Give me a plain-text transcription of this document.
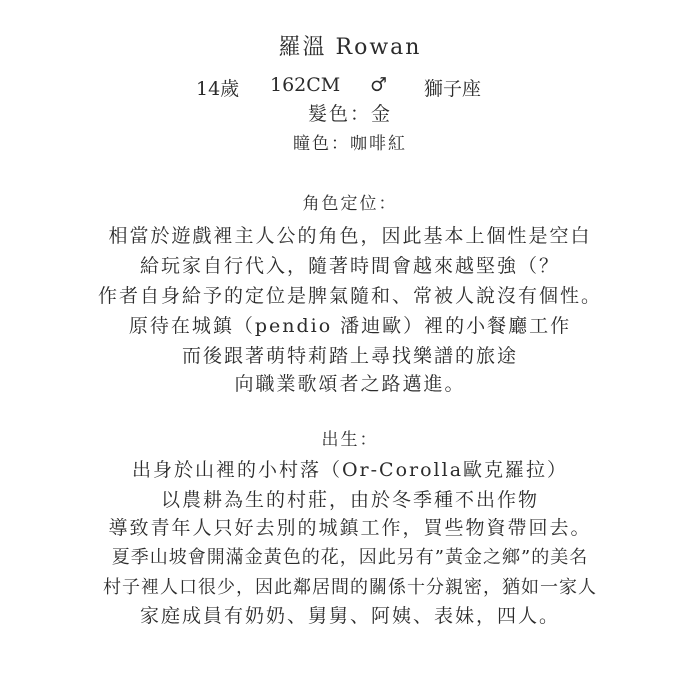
羅溫 Rowan
14歲 162CM ♂ 獅子座
髮色：金
瞳色：咖啡紅
角色定位：
相當於遊戲裡主人公的角色，因此基本上個性是空白
給玩家自行代入，隨著時間會越來越堅強（？
作者自身給予的定位是脾氣隨和、常被人說沒有個性。
原待在城鎮（pendio 潘迪歐）裡的小餐廳工作
而後跟著萌特莉踏上尋找樂譜的旅途
向職業歌頌者之路邁進。
出生：
出身於山裡的小村落（Or-Corolla歐克羅拉）
以農耕為生的村莊，由於冬季種不出作物
導致青年人只好去別的城鎮工作，買些物資帶回去。
夏季山坡會開滿金黃色的花，因此另有”黃金之鄉”的美名
村子裡人口很少，因此鄰居間的關係十分親密，猶如一家人
家庭成員有奶奶、舅舅、阿姨、表妹，四人。
